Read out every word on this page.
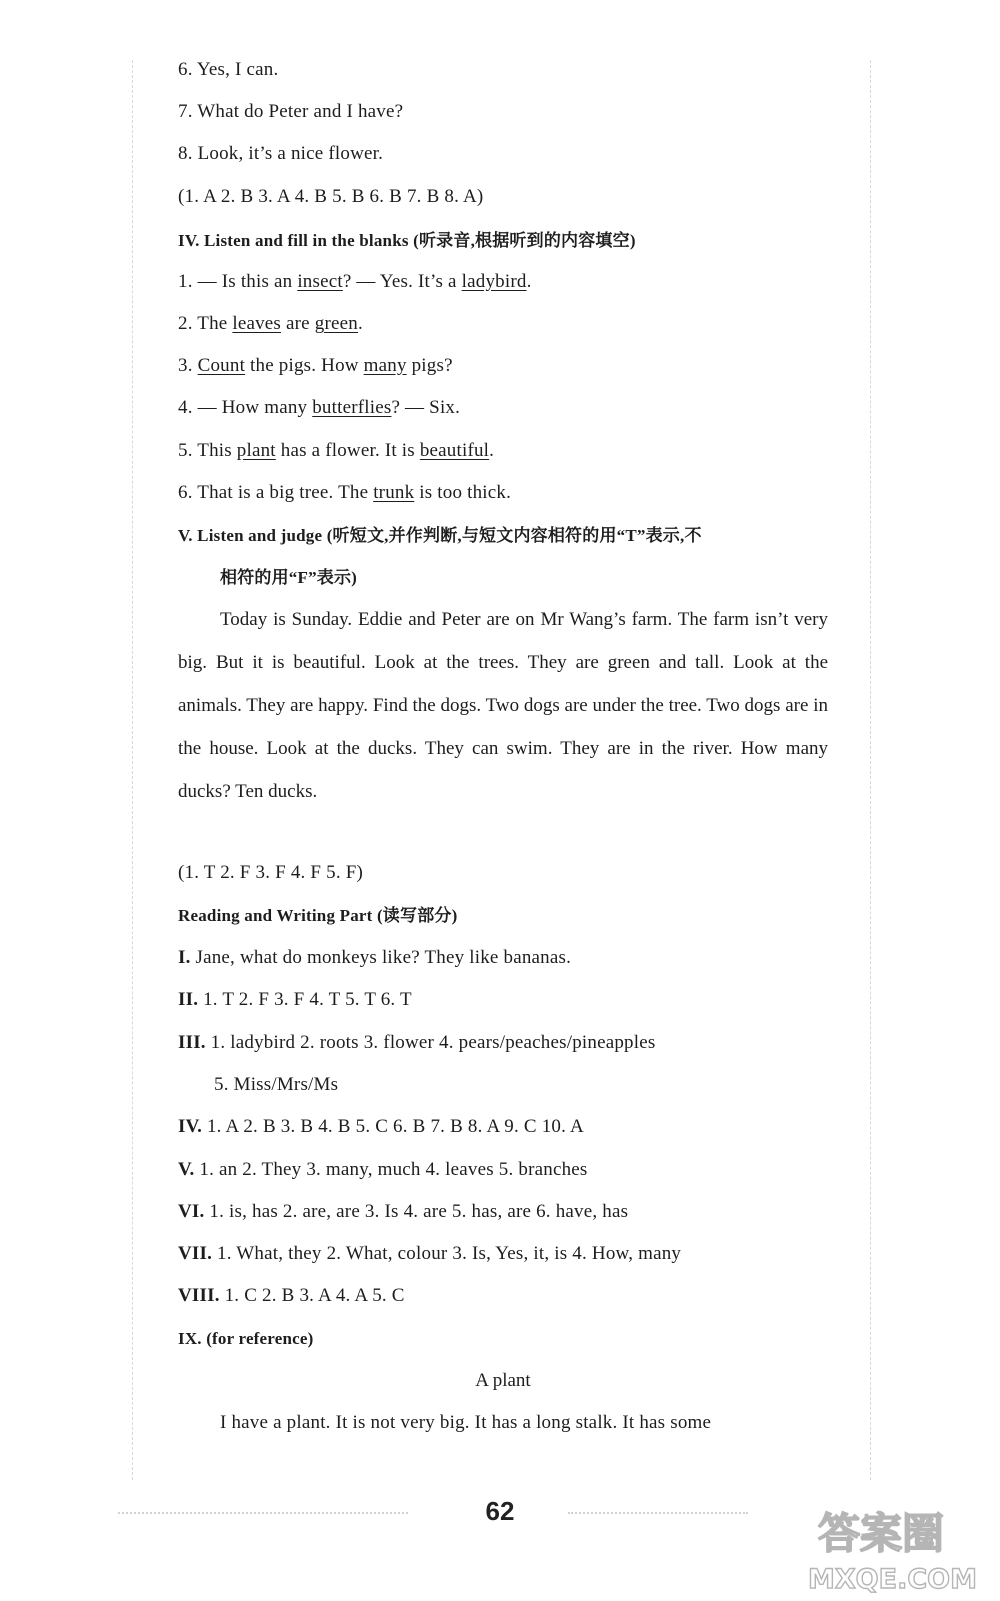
6. Yes, I can.
7. What do Peter and I have?
8. Look, it’s a nice flower.
(1. A 2. B 3. A 4. B 5. B 6. B 7. B 8. A)
IV. Listen and fill in the blanks (听录音,根据听到的内容填空)
1. — Is this an insect? — Yes. It’s a ladybird.
2. The leaves are green.
3. Count the pigs. How many pigs?
4. — How many butterflies? — Six.
5. This plant has a flower. It is beautiful.
6. That is a big tree. The trunk is too thick.
V. Listen and judge (听短文,并作判断,与短文内容相符的用“T”表示,不
相符的用“F”表示)
Today is Sunday. Eddie and Peter are on Mr Wang’s farm. The farm isn’t very big. But it is beautiful. Look at the trees. They are green and tall. Look at the animals. They are happy. Find the dogs. Two dogs are under the tree. Two dogs are in the house. Look at the ducks. They can swim. They are in the river. How many ducks? Ten ducks.
(1. T 2. F 3. F 4. F 5. F)
Reading and Writing Part (读写部分)
I. Jane, what do monkeys like? They like bananas.
II. 1. T 2. F 3. F 4. T 5. T 6. T
III. 1. ladybird 2. roots 3. flower 4. pears/peaches/pineapples
5. Miss/Mrs/Ms
IV. 1. A 2. B 3. B 4. B 5. C 6. B 7. B 8. A 9. C 10. A
V. 1. an 2. They 3. many, much 4. leaves 5. branches
VI. 1. is, has 2. are, are 3. Is 4. are 5. has, are 6. have, has
VII. 1. What, they 2. What, colour 3. Is, Yes, it, is 4. How, many
VIII. 1. C 2. B 3. A 4. A 5. C
IX. (for reference)
A plant
I have a plant. It is not very big. It has a long stalk. It has some
62	答案圈
MXQE.COM
